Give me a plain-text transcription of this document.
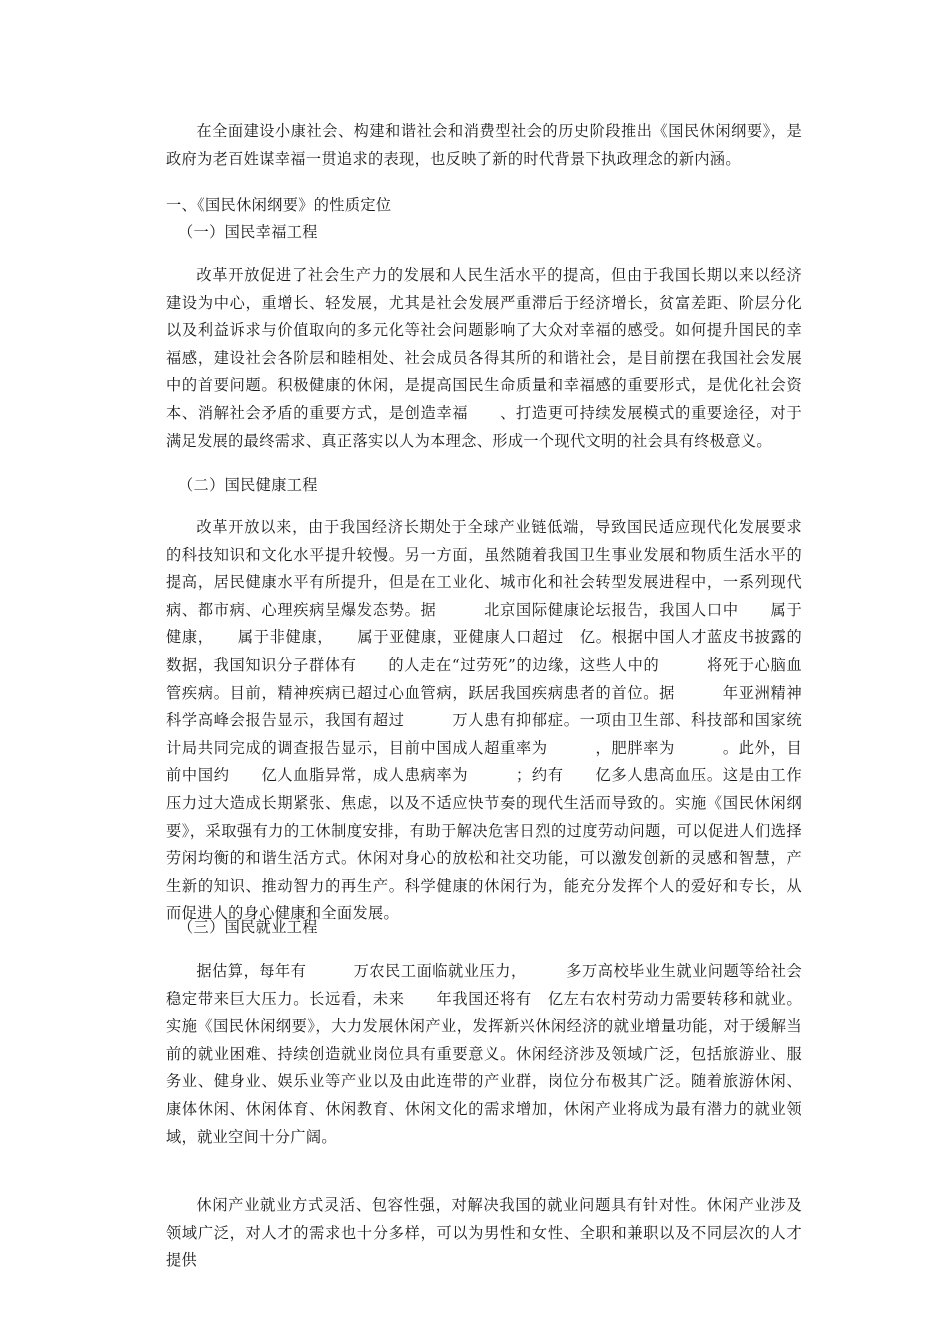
在全面建设小康社会、构建和谐社会和消费型社会的历史阶段推出《国民休闲纲要》，是政府为老百姓谋幸福一贯追求的表现，也反映了新的时代背景下执政理念的新内涵。

一、《国民休闲纲要》的性质定位
（一）国民幸福工程

改革开放促进了社会生产力的发展和人民生活水平的提高，但由于我国长期以来以经济建设为中心，重增长、轻发展，尤其是社会发展严重滞后于经济增长，贫富差距、阶层分化以及利益诉求与价值取向的多元化等社会问题影响了大众对幸福的感受。如何提升国民的幸福感，建设社会各阶层和睦相处、社会成员各得其所的和谐社会，是目前摆在我国社会发展中的首要问题。积极健康的休闲，是提高国民生命质量和幸福感的重要形式，是优化社会资本、消解社会矛盾的重要方式，是创造幸福　　、打造更可持续发展模式的重要途径，对于满足发展的最终需求、真正落实以人为本理念、形成一个现代文明的社会具有终极意义。

（二）国民健康工程

改革开放以来，由于我国经济长期处于全球产业链低端，导致国民适应现代化发展要求的科技知识和文化水平提升较慢。另一方面，虽然随着我国卫生事业发展和物质生活水平的提高，居民健康水平有所提升，但是在工业化、城市化和社会转型发展进程中，一系列现代病、都市病、心理疾病呈爆发态势。据　　　北京国际健康论坛报告，我国人口中　　属于健康，　　属于非健康，　　属于亚健康，亚健康人口超过　亿。根据中国人才蓝皮书披露的数据，我国知识分子群体有　　的人走在“过劳死”的边缘，这些人中的　　　将死于心脑血管疾病。目前，精神疾病已超过心血管病，跃居我国疾病患者的首位。据　　　年亚洲精神科学高峰会报告显示，我国有超过　　　万人患有抑郁症。一项由卫生部、科技部和国家统计局共同完成的调查报告显示，目前中国成人超重率为　　　，肥胖率为　　　。此外，目前中国约　　亿人血脂异常，成人患病率为　　　；约有　　亿多人患高血压。这是由工作压力过大造成长期紧张、焦虑，以及不适应快节奏的现代生活而导致的。实施《国民休闲纲要》，采取强有力的工休制度安排，有助于解决危害日烈的过度劳动问题，可以促进人们选择劳闲均衡的和谐生活方式。休闲对身心的放松和社交功能，可以激发创新的灵感和智慧，产生新的知识、推动智力的再生产。科学健康的休闲行为，能充分发挥个人的爱好和专长，从而促进人的身心健康和全面发展。

（三）国民就业工程

据估算，每年有　　　万农民工面临就业压力，　　　多万高校毕业生就业问题等给社会稳定带来巨大压力。长远看，未来　　年我国还将有　亿左右农村劳动力需要转移和就业。实施《国民休闲纲要》，大力发展休闲产业，发挥新兴休闲经济的就业增量功能，对于缓解当前的就业困难、持续创造就业岗位具有重要意义。休闲经济涉及领域广泛，包括旅游业、服务业、健身业、娱乐业等产业以及由此连带的产业群，岗位分布极其广泛。随着旅游休闲、康体休闲、休闲体育、休闲教育、休闲文化的需求增加，休闲产业将成为最有潜力的就业领域，就业空间十分广阔。

休闲产业就业方式灵活、包容性强，对解决我国的就业问题具有针对性。休闲产业涉及领域广泛，对人才的需求也十分多样，可以为男性和女性、全职和兼职以及不同层次的人才提供
